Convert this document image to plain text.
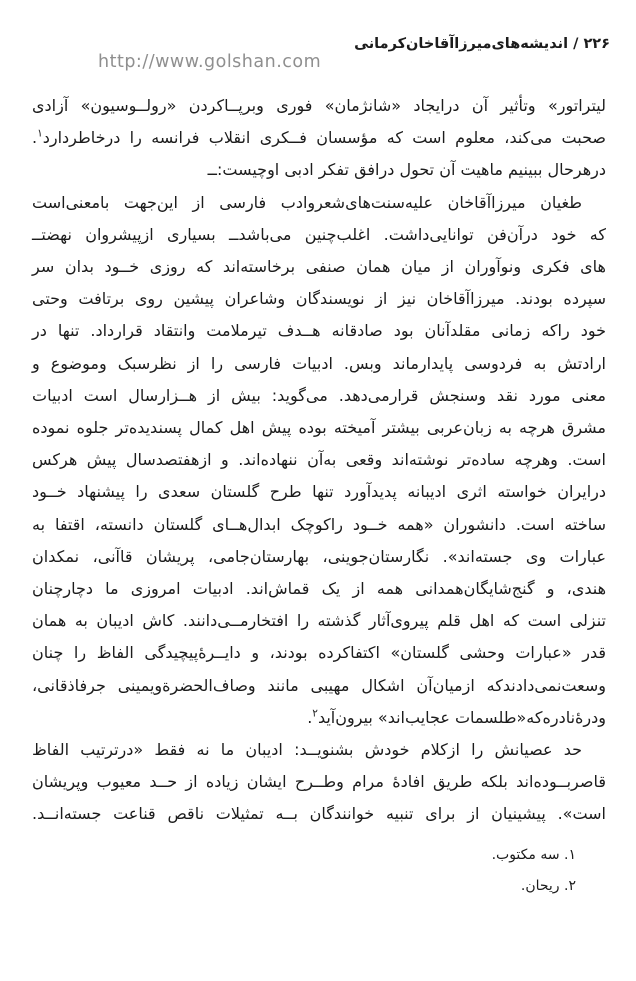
۲۲۶ / اندیشه‌های‌میرزاآقاخان‌کرمانی
http://www.golshan.com
لیتراتور» وتأثیر آن درایجاد «شانژمان» فوری وبرپــاکردن «رولــوسیون» آزادی
صحبت می‌کند، معلوم است که مؤسسان فــکری انقلاب فرانسه را درخاطردارد$^۱$.
درهرحال ببینیم ماهیت آن تحول درافق تفکر ادبی اوچیست:ــ
طغیان میرزاآقاخان علیه‌سنت‌های‌شعروادب فارسی از این‌جهت بامعنی‌است
که خود درآن‌فن توانایی‌داشت. اغلب‌چنین می‌باشدــ بسیاری ازپیشروان نهضتــ
های فکری ونوآوران از میان همان صنفی برخاسته‌اند که روزی خــود بدان سر
سپرده بودند. میرزاآقاخان نیز از نویسندگان وشاعران پیشین روی برتافت وحتی
خود راکه زمانی مقلدآنان بود صادقانه هــدف تیرملامت وانتقاد قرارداد. تنها در
ارادتش به فردوسی پایدارماند وبس. ادبیات فارسی را از نظرسبک وموضوع و
معنی مورد نقد وسنجش قرارمی‌دهد. می‌گوید: بیش از هــزارسال است ادبیات
مشرق هرچه به زبان‌عربی بیشتر آمیخته بوده پیش اهل کمال پسندیده‌تر جلوه نموده
است. وهرچه ساده‌تر نوشته‌اند وقعی به‌آن ننهاده‌اند. و ازهفتصدسال پیش هرکس
درایران خواسته اثری ادیبانه پدیدآورد تنها طرح گلستان سعدی را پیشنهاد خــود
ساخته است. دانشوران «همه خــود راکوچک ابدال‌هــای گلستان دانسته، اقتفا به
عبارات وی جسته‌اند». نگارستان‌جوینی، بهارستان‌جامی، پریشان قاآنی، نمکدان
هندی، و گنج‌شایگان‌همدانی همه از یک قماش‌اند. ادبیات امروزی ما دچارچنان
تنزلی است که اهل قلم پیروی‌آثار گذشته را افتخارمــی‌دانند. کاش ادیبان به همان
قدر «عبارات وحشی گلستان» اکتفاکرده بودند، و دایــرۀپیچیدگی الفاظ را چنان
وسعت‌نمی‌دادندکه ازمیان‌آن اشکال مهیبی مانند وصاف‌الحضرةویمینی جرفاذقانی،
ودرۀنادره‌که«طلسمات عجایب‌اند» بیرون‌آید$^۲$.
حد عصیانش را ازکلام خودش بشنویــد: ادیبان ما نه فقط «درترتیب الفاظ
قاصربــوده‌اند بلکه طریق افادۀ مرام وطــرح ایشان زیاده از حــد معیوب وپریشان
است». پیشینیان از برای تنبیه خوانندگان بــه تمثیلات ناقص قناعت جسته‌انــد.
۱. سه مکتوب.
۲. ریحان.
